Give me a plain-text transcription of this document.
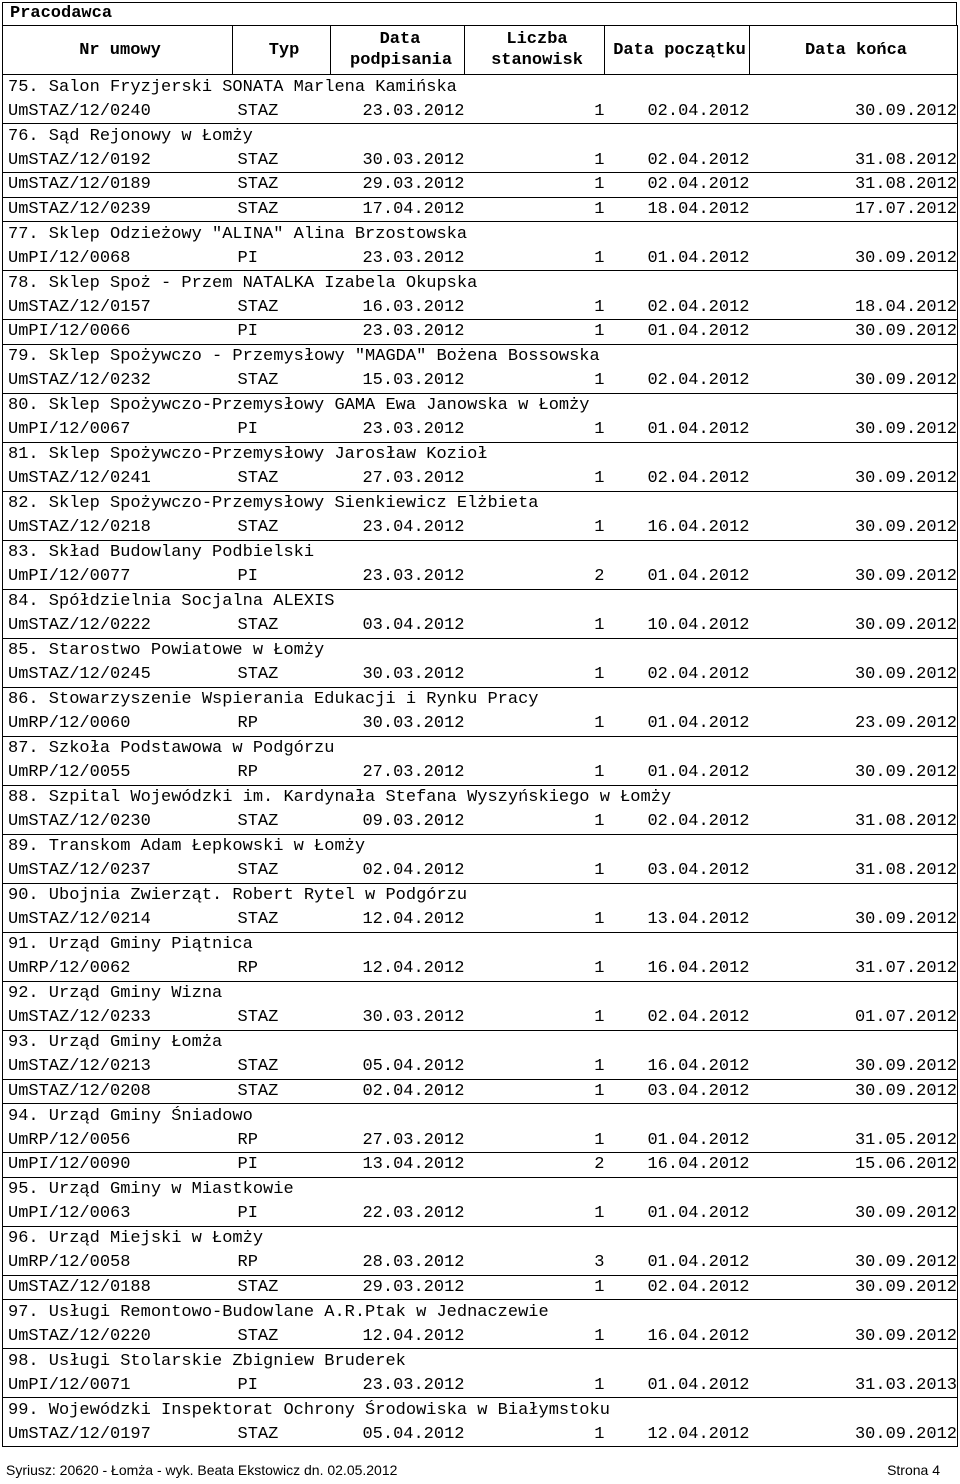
Pracodawca
Nr umowy	Typ	Data podpisania	Liczba stanowisk	Data początku	Data końca
75. Salon Fryzjerski SONATA Marlena Kamińska					
UmSTAZ/12/0240	STAZ	23.03.2012	1	02.04.2012	30.09.2012
76. Sąd Rejonowy w Łomży					
UmSTAZ/12/0192	STAZ	30.03.2012	1	02.04.2012	31.08.2012
UmSTAZ/12/0189	STAZ	29.03.2012	1	02.04.2012	31.08.2012
UmSTAZ/12/0239	STAZ	17.04.2012	1	18.04.2012	17.07.2012
77. Sklep Odzieżowy "ALINA" Alina Brzostowska					
UmPI/12/0068	PI	23.03.2012	1	01.04.2012	30.09.2012
78. Sklep Spoż - Przem NATALKA Izabela Okupska					
UmSTAZ/12/0157	STAZ	16.03.2012	1	02.04.2012	18.04.2012
UmPI/12/0066	PI	23.03.2012	1	01.04.2012	30.09.2012
79. Sklep Spożywczo - Przemysłowy "MAGDA" Bożena Bossowska					
UmSTAZ/12/0232	STAZ	15.03.2012	1	02.04.2012	30.09.2012
80. Sklep Spożywczo-Przemysłowy GAMA Ewa Janowska w Łomży					
UmPI/12/0067	PI	23.03.2012	1	01.04.2012	30.09.2012
81. Sklep Spożywczo-Przemysłowy Jarosław Kozioł					
UmSTAZ/12/0241	STAZ	27.03.2012	1	02.04.2012	30.09.2012
82. Sklep Spożywczo-Przemysłowy Sienkiewicz Elżbieta					
UmSTAZ/12/0218	STAZ	23.04.2012	1	16.04.2012	30.09.2012
83. Skład Budowlany Podbielski					
UmPI/12/0077	PI	23.03.2012	2	01.04.2012	30.09.2012
84. Spółdzielnia Socjalna ALEXIS					
UmSTAZ/12/0222	STAZ	03.04.2012	1	10.04.2012	30.09.2012
85. Starostwo Powiatowe w Łomży					
UmSTAZ/12/0245	STAZ	30.03.2012	1	02.04.2012	30.09.2012
86. Stowarzyszenie Wspierania Edukacji i Rynku Pracy					
UmRP/12/0060	RP	30.03.2012	1	01.04.2012	23.09.2012
87. Szkoła Podstawowa w Podgórzu					
UmRP/12/0055	RP	27.03.2012	1	01.04.2012	30.09.2012
88. Szpital Wojewódzki im. Kardynała Stefana Wyszyńskiego w Łomży					
UmSTAZ/12/0230	STAZ	09.03.2012	1	02.04.2012	31.08.2012
89. Transkom Adam Łepkowski w Łomży					
UmSTAZ/12/0237	STAZ	02.04.2012	1	03.04.2012	31.08.2012
90. Ubojnia Zwierząt. Robert Rytel w Podgórzu					
UmSTAZ/12/0214	STAZ	12.04.2012	1	13.04.2012	30.09.2012
91. Urząd Gminy Piątnica					
UmRP/12/0062	RP	12.04.2012	1	16.04.2012	31.07.2012
92. Urząd Gminy Wizna					
UmSTAZ/12/0233	STAZ	30.03.2012	1	02.04.2012	01.07.2012
93. Urząd Gminy Łomża					
UmSTAZ/12/0213	STAZ	05.04.2012	1	16.04.2012	30.09.2012
UmSTAZ/12/0208	STAZ	02.04.2012	1	03.04.2012	30.09.2012
94. Urząd Gminy Śniadowo					
UmRP/12/0056	RP	27.03.2012	1	01.04.2012	31.05.2012
UmPI/12/0090	PI	13.04.2012	2	16.04.2012	15.06.2012
95. Urząd Gminy w Miastkowie					
UmPI/12/0063	PI	22.03.2012	1	01.04.2012	30.09.2012
96. Urząd Miejski w Łomży					
UmRP/12/0058	RP	28.03.2012	3	01.04.2012	30.09.2012
UmSTAZ/12/0188	STAZ	29.03.2012	1	02.04.2012	30.09.2012
97. Usługi Remontowo-Budowlane A.R.Ptak w Jednaczewie					
UmSTAZ/12/0220	STAZ	12.04.2012	1	16.04.2012	30.09.2012
98. Usługi Stolarskie Zbigniew Bruderek					
UmPI/12/0071	PI	23.03.2012	1	01.04.2012	31.03.2013
99. Wojewódzki Inspektorat Ochrony Środowiska w Białymstoku					
UmSTAZ/12/0197	STAZ	05.04.2012	1	12.04.2012	30.09.2012
Syriusz: 20620 - Łomża - wyk. Beata Ekstowicz dn. 02.05.2012	Strona 4
